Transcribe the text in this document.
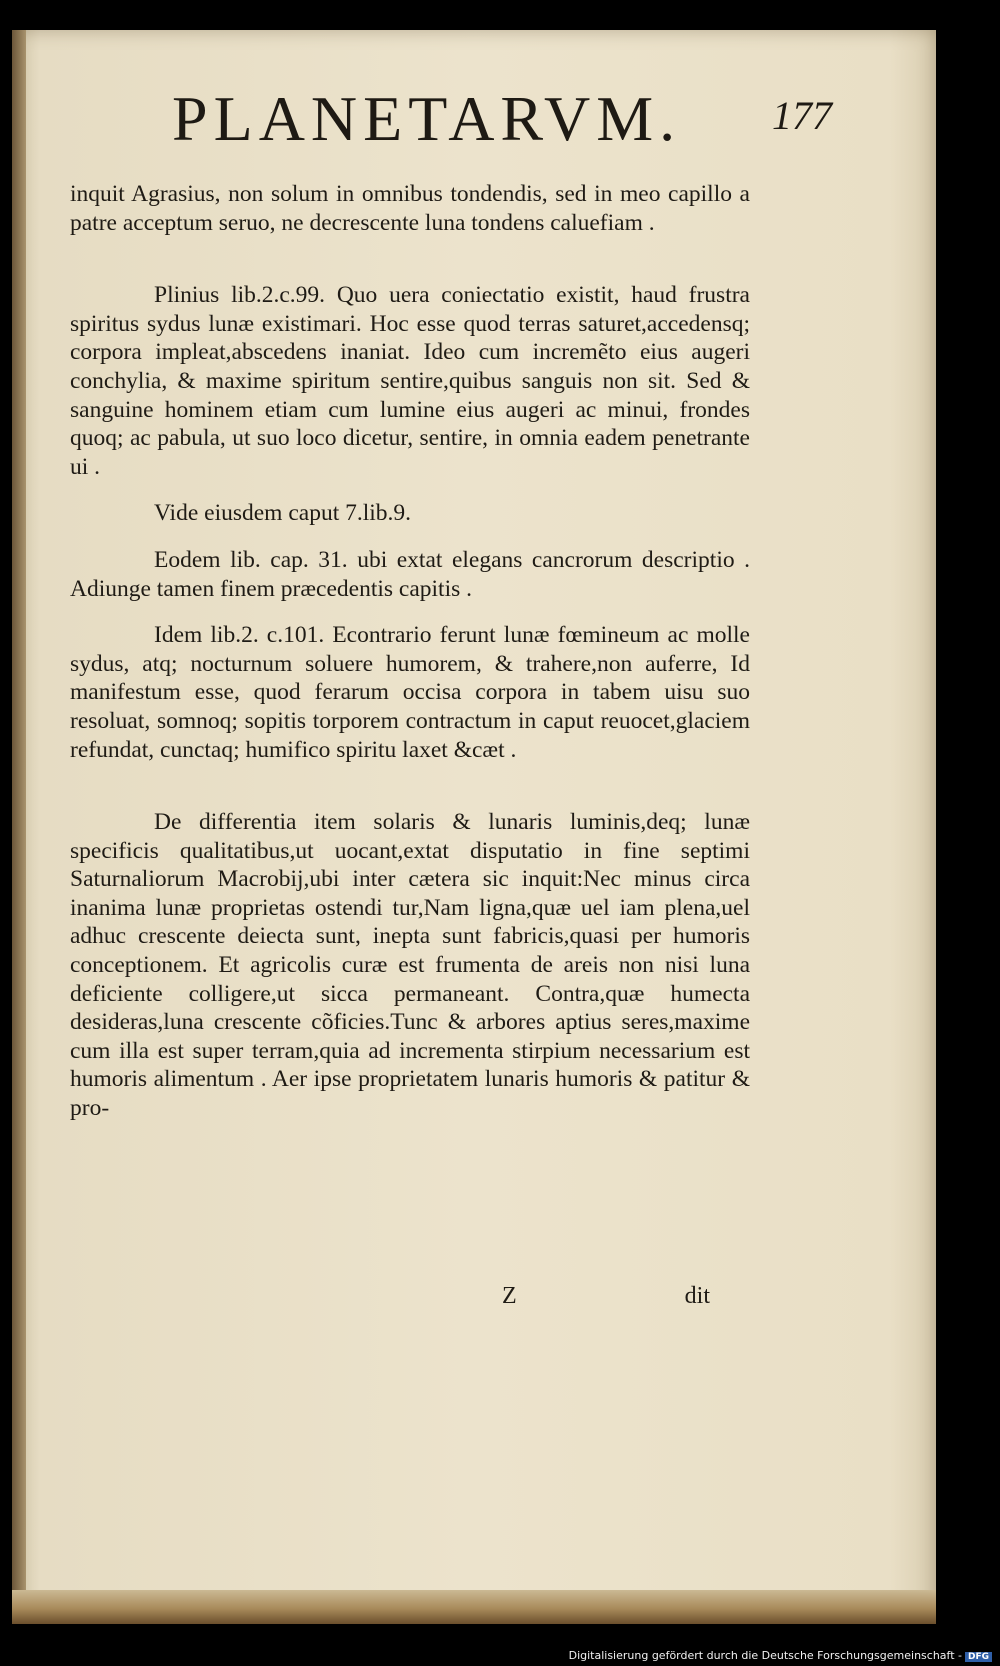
PLANETARVM. 177

inquit Agrasius, non solum in omnibus tondendis, sed in meo capillo a patre acceptum seruo, ne decrescente luna tondens caluefiam .

Plinius lib.2.c.99. Quo uera coniectatio existit, haud frustra spiritus sydus lunæ existimari. Hoc esse quod terras saturet,accedensq; corpora impleat,abscedens inaniat. Ideo cum incremẽto eius augeri conchylia, & maxime spiritum sentire,quibus sanguis non sit. Sed & sanguine hominem etiam cum lumine eius augeri ac minui, frondes quoq; ac pabula, ut suo loco dicetur, sentire, in omnia eadem penetrante ui .

Vide eiusdem caput 7.lib.9.

Eodem lib. cap. 31. ubi extat elegans cancrorum descriptio . Adiunge tamen finem præcedentis capitis .

Idem lib.2. c.101. Econtrario ferunt lunæ fœmineum ac molle sydus, atq; nocturnum soluere humorem, & trahere,non auferre, Id manifestum esse, quod ferarum occisa corpora in tabem uisu suo resoluat, somnoq; sopitis torporem contractum in caput reuocet,glaciem refundat, cunctaq; humifico spiritu laxet &cæt .

De differentia item solaris & lunaris luminis,deq; lunæ specificis qualitatibus,ut uocant,extat disputatio in fine septimi Saturnaliorum Macrobij,ubi inter cætera sic inquit:Nec minus circa inanima lunæ proprietas ostendi tur,Nam ligna,quæ uel iam plena,uel adhuc crescente deiecta sunt, inepta sunt fabricis,quasi per humoris conceptionem. Et agricolis curæ est frumenta de areis non nisi luna deficiente colligere,ut sicca permaneant. Contra,quæ humecta desideras,luna crescente cõficies.Tunc & arbores aptius seres,maxime cum illa est super terram,quia ad incrementa stirpium necessarium est humoris alimentum . Aer ipse proprietatem lunaris humoris & patitur & pro-

Z	dit
Digitalisierung gefördert durch die Deutsche Forschungsgemeinschaft - DFG
